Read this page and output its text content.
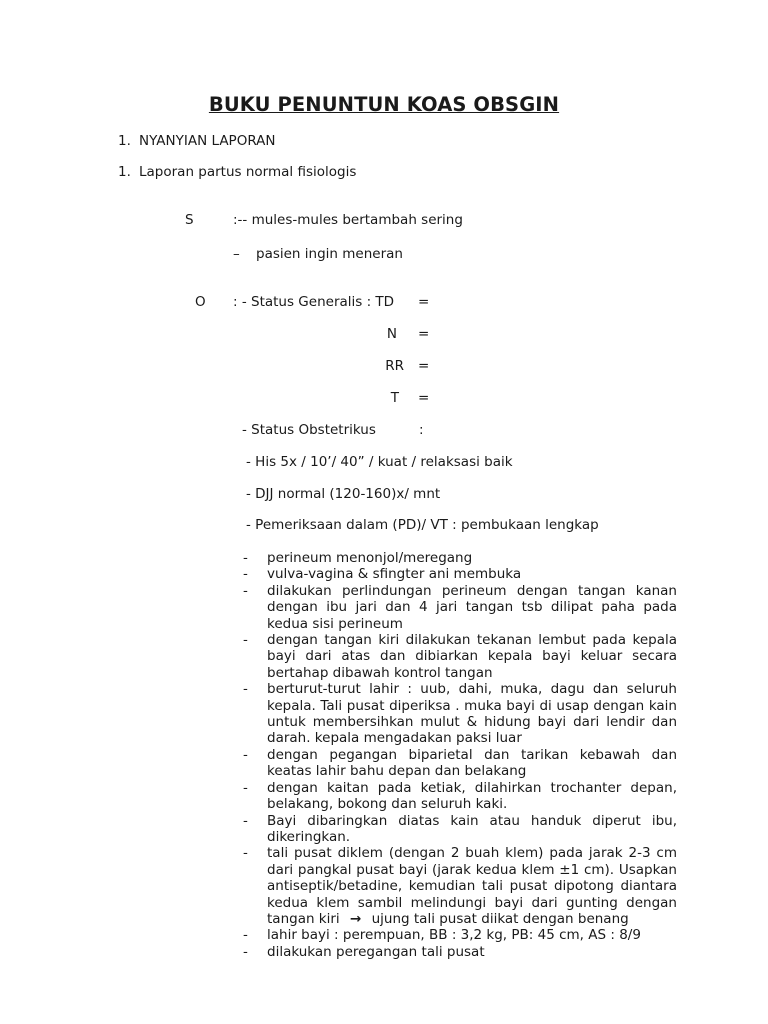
BUKU PENUNTUN KOAS OBSGIN
1. NYANYIAN LAPORAN
1. Laporan partus normal fisiologis
S	:-- mules-mules bertambah sering
– pasien ingin meneran
O : - Status Generalis : TD =
N =
RR =
T =
- Status Obstetrikus	:
- His 5x / 10’/ 40” / kuat / relaksasi baik
- DJJ normal (120-160)x/ mnt
- Pemeriksaan dalam (PD)/ VT : pembukaan lengkap
-	perineum menonjol/meregang
-	vulva-vagina & sfingter ani membuka
-	dilakukan perlindungan perineum dengan tangan kanan dengan ibu jari dan 4 jari tangan tsb dilipat paha pada kedua sisi perineum
-	dengan tangan kiri dilakukan tekanan lembut pada kepala bayi dari atas dan dibiarkan kepala bayi keluar secara bertahap dibawah kontrol tangan
-	berturut-turut lahir : uub, dahi, muka, dagu dan seluruh kepala. Tali pusat diperiksa . muka bayi di usap dengan kain untuk membersihkan mulut & hidung bayi dari lendir dan darah. kepala mengadakan paksi luar
-	dengan pegangan biparietal dan tarikan kebawah dan keatas lahir bahu depan dan belakang
-	dengan kaitan pada ketiak, dilahirkan trochanter depan, belakang, bokong dan seluruh kaki.
-	Bayi dibaringkan diatas kain atau handuk diperut ibu, dikeringkan.
-	tali pusat diklem (dengan 2 buah klem) pada jarak 2-3 cm dari pangkal pusat bayi (jarak kedua klem ±1 cm). Usapkan antiseptik/betadine, kemudian tali pusat dipotong diantara kedua klem sambil melindungi bayi dari gunting dengan tangan kiri → ujung tali pusat diikat dengan benang
-	lahir bayi : perempuan, BB : 3,2 kg, PB: 45 cm, AS : 8/9
-	dilakukan peregangan tali pusat
